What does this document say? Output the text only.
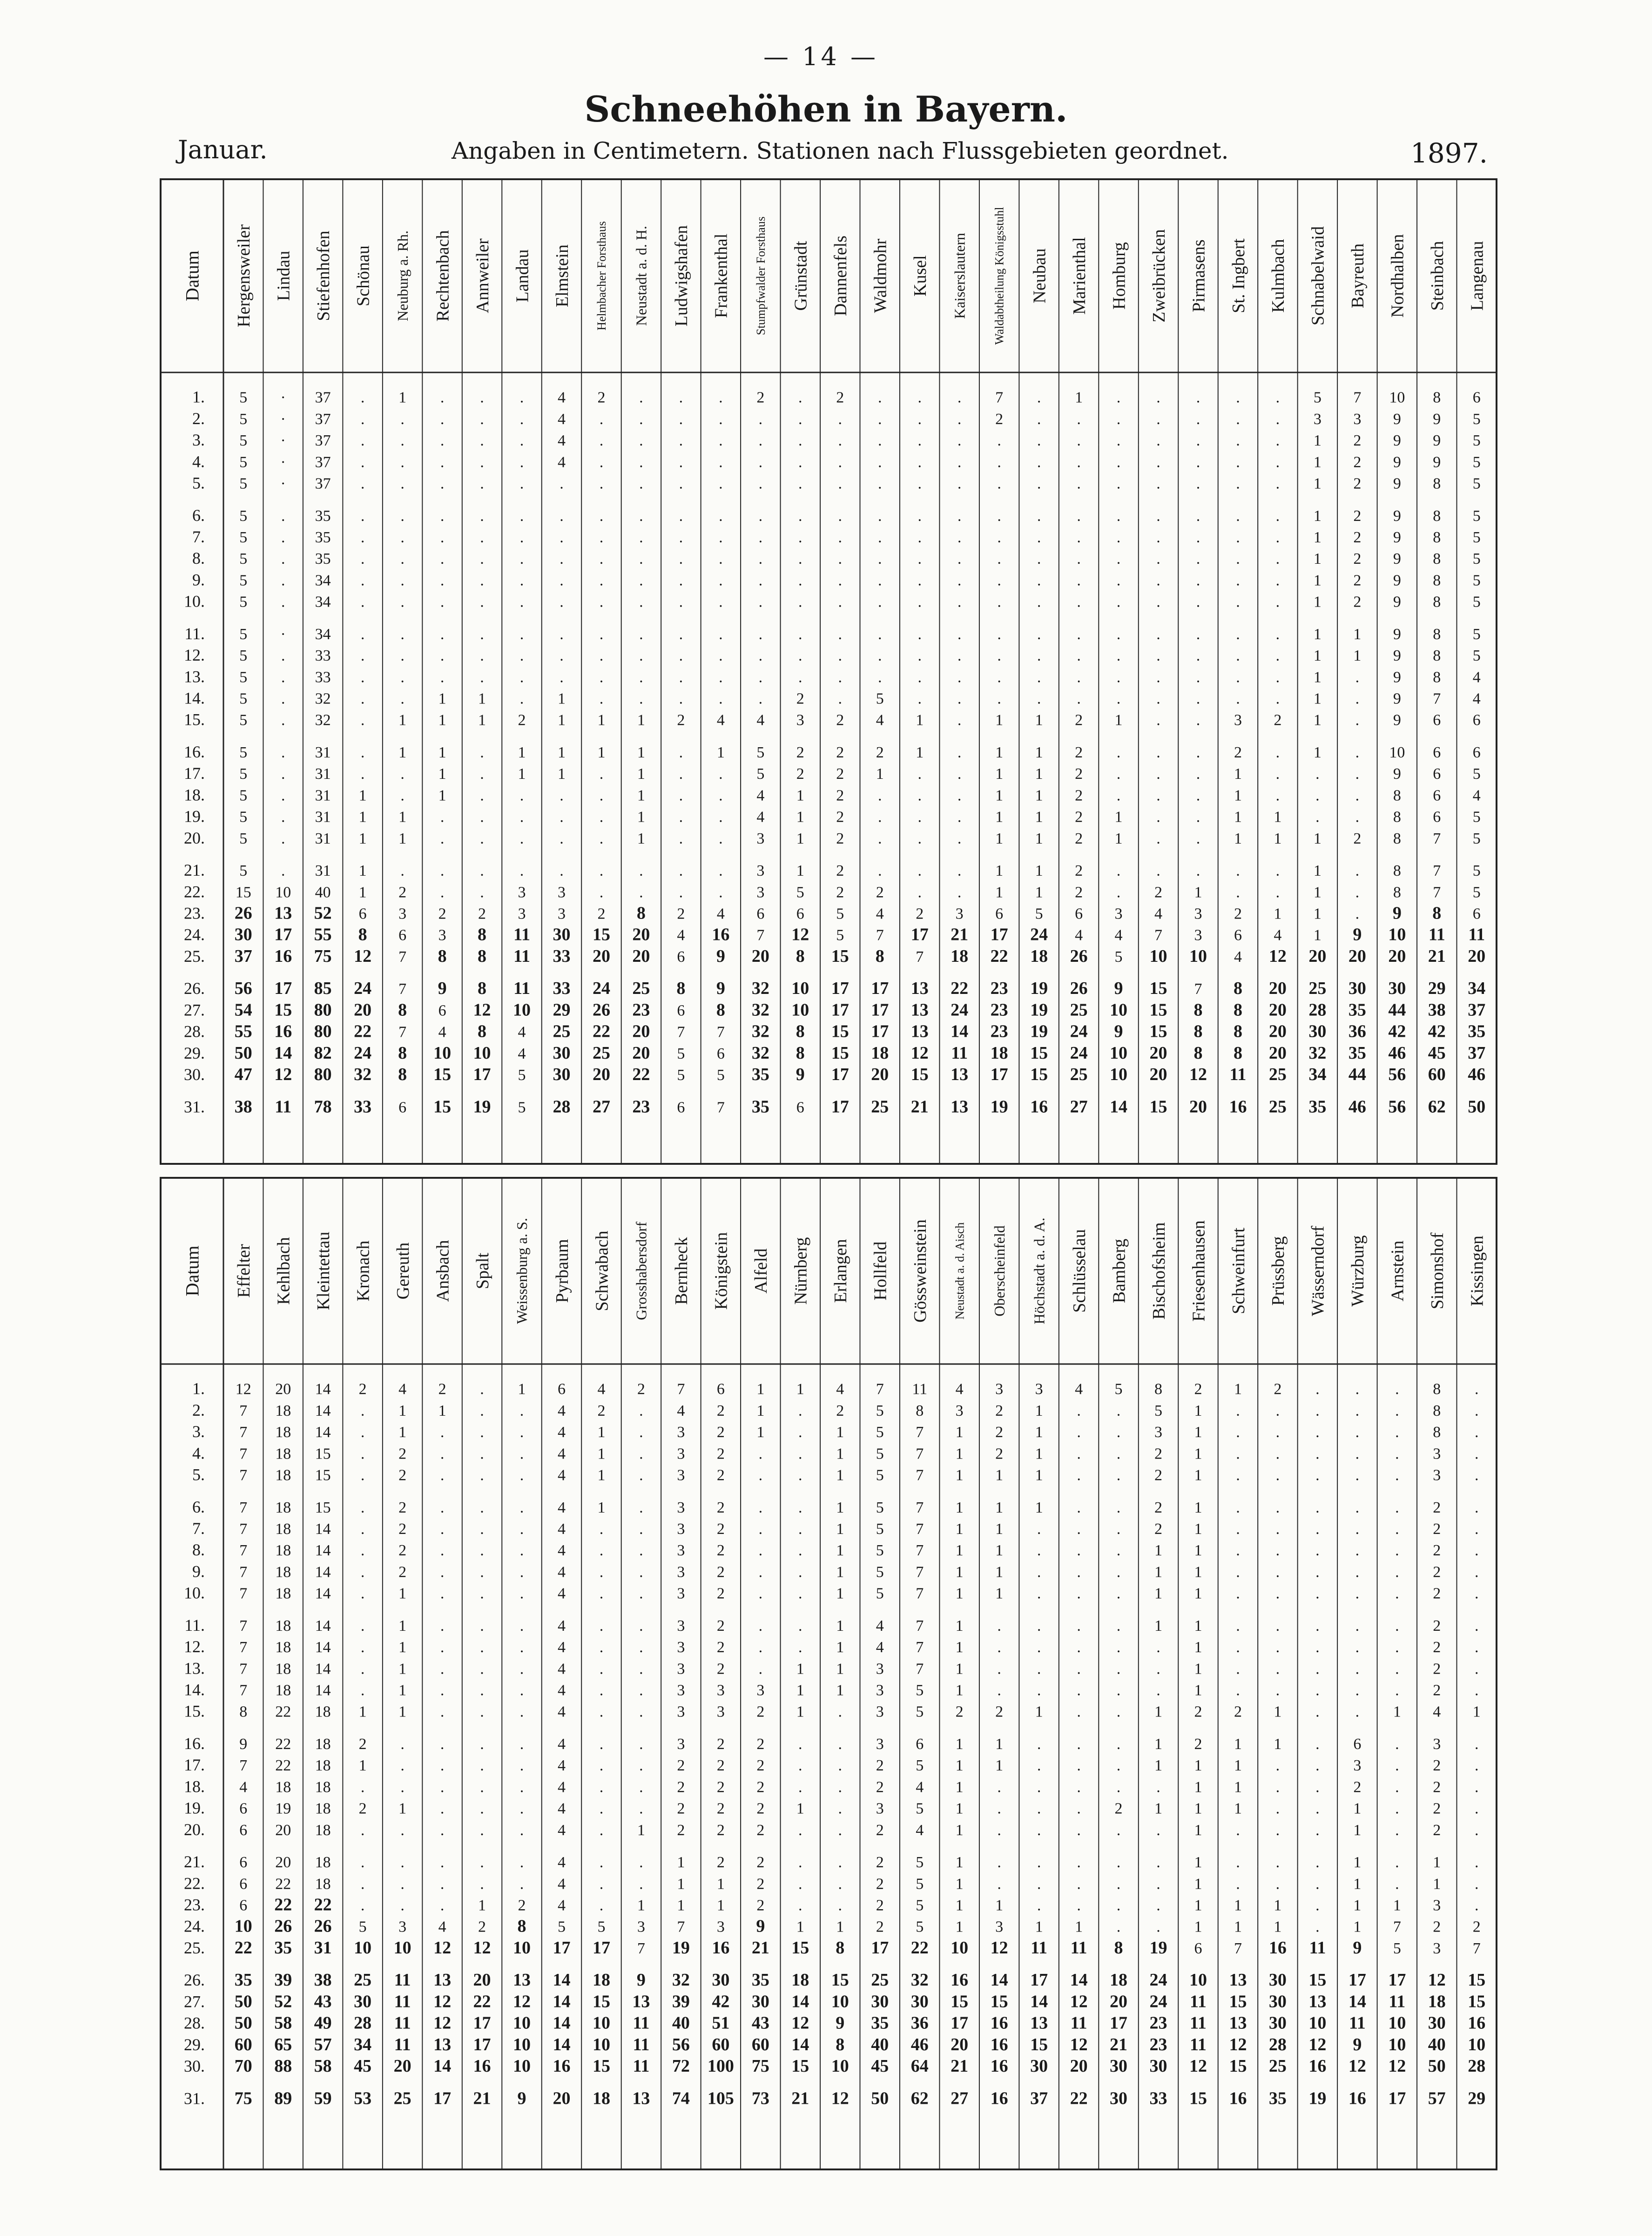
— 14 —
Schneehöhen in Bayern.
Januar.	Angaben in Centimetern. Stationen nach Flussgebieten geordnet.	1897.
Datum Hergensweiler Lindau Stiefenhofen Schönau Neuburg a. Rh. Rechtenbach Annweiler Landau Elmstein Helmbacher Forsthaus Neustadt a. d. H. Ludwigshafen Frankenthal Stumpfwalder Forsthaus Grünstadt Dannenfels Waldmohr Kusel Kaiserslautern Waldabtheilung Königsstuhl Neubau Marienthal Homburg Zweibrücken Pirmasens St. Ingbert Kulmbach Schnabelwaid Bayreuth Nordhalben Steinbach Langenau
1. 5 · 37 . 1 . . . 4 2 . . . 2 . 2 . . . 7 . 1 . . . . . 5 7 10 8 6
2. 5 · 37 . . . . . 4 . . . . . . . . . . 2 . . . . . . . 3 3 9 9 5
3. 5 · 37 . . . . . 4 . . . . . . . . . . . . . . . . . . 1 2 9 9 5
4. 5 · 37 . . . . . 4 . . . . . . . . . . . . . . . . . . 1 2 9 9 5
5. 5 · 37 . . . . . . . . . . . . . . . . . . . . . . . . 1 2 9 8 5
6. 5 . 35 . . . . . . . . . . . . . . . . . . . . . . . . 1 2 9 8 5
7. 5 . 35 . . . . . . . . . . . . . . . . . . . . . . . . 1 2 9 8 5
8. 5 . 35 . . . . . . . . . . . . . . . . . . . . . . . . 1 2 9 8 5
9. 5 . 34 . . . . . . . . . . . . . . . . . . . . . . . . 1 2 9 8 5
10. 5 . 34 . . . . . . . . . . . . . . . . . . . . . . . . 1 2 9 8 5
11. 5 · 34 . . . . . . . . . . . . . . . . . . . . . . . . 1 1 9 8 5
12. 5 . 33 . . . . . . . . . . . . . . . . . . . . . . . . 1 1 9 8 5
13. 5 . 33 . . . . . . . . . . . . . . . . . . . . . . . . 1 . 9 8 4
14. 5 . 32 . . 1 1 . 1 . . . . . 2 . 5 . . . . . . . . . . 1 . 9 7 4
15. 5 . 32 . 1 1 1 2 1 1 1 2 4 4 3 2 4 1 . 1 1 2 1 . . 3 2 1 . 9 6 6
16. 5 . 31 . 1 1 . 1 1 1 1 . 1 5 2 2 2 1 . 1 1 2 . . . 2 . 1 . 10 6 6
17. 5 . 31 . . 1 . 1 1 . 1 . . 5 2 2 1 . . 1 1 2 . . . 1 . . . 9 6 5
18. 5 . 31 1 . 1 . . . . 1 . . 4 1 2 . . . 1 1 2 . . . 1 . . . 8 6 4
19. 5 . 31 1 1 . . . . . 1 . . 4 1 2 . . . 1 1 2 1 . . 1 1 . . 8 6 5
20. 5 . 31 1 1 . . . . . 1 . . 3 1 2 . . . 1 1 2 1 . . 1 1 1 2 8 7 5
21. 5 . 31 1 . . . . . . . . . 3 1 2 . . . 1 1 2 . . . . . 1 . 8 7 5
22. 15 10 40 1 2 . . 3 3 . . . . 3 5 2 2 . . 1 1 2 . 2 1 . . 1 . 8 7 5
23. 26 13 52 6 3 2 2 3 3 2 8 2 4 6 6 5 4 2 3 6 5 6 3 4 3 2 1 1 . 9 8 6
24. 30 17 55 8 6 3 8 11 30 15 20 4 16 7 12 5 7 17 21 17 24 4 4 7 3 6 4 1 9 10 11 11
25. 37 16 75 12 7 8 8 11 33 20 20 6 9 20 8 15 8 7 18 22 18 26 5 10 10 4 12 20 20 20 21 20
26. 56 17 85 24 7 9 8 11 33 24 25 8 9 32 10 17 17 13 22 23 19 26 9 15 7 8 20 25 30 30 29 34
27. 54 15 80 20 8 6 12 10 29 26 23 6 8 32 10 17 17 13 24 23 19 25 10 15 8 8 20 28 35 44 38 37
28. 55 16 80 22 7 4 8 4 25 22 20 7 7 32 8 15 17 13 14 23 19 24 9 15 8 8 20 30 36 42 42 35
29. 50 14 82 24 8 10 10 4 30 25 20 5 6 32 8 15 18 12 11 18 15 24 10 20 8 8 20 32 35 46 45 37
30. 47 12 80 32 8 15 17 5 30 20 22 5 5 35 9 17 20 15 13 17 15 25 10 20 12 11 25 34 44 56 60 46
31. 38 11 78 33 6 15 19 5 28 27 23 6 7 35 6 17 25 21 13 19 16 27 14 15 20 16 25 35 46 56 62 50
Datum Effelter Kehlbach Kleintettau Kronach Gereuth Ansbach Spalt Weissenburg a. S. Pyrbaum Schwabach Grosshabersdorf Bernheck Königstein Alfeld Nürnberg Erlangen Hollfeld Gössweinstein Neustadt a. d. Aisch Oberscheinfeld Höchstadt a. d. A. Schlüsselau Bamberg Bischofsheim Friesenhausen Schweinfurt Prüssberg Wässerndorf Würzburg Arnstein Simonshof Kissingen
1. 12 20 14 2 4 2 . 1 6 4 2 7 6 1 1 4 7 11 4 3 3 4 5 8 2 1 2 . . . 8 .
2. 7 18 14 . 1 1 . . 4 2 . 4 2 1 . 2 5 8 3 2 1 . . 5 1 . . . . . 8 .
3. 7 18 14 . 1 . . . 4 1 . 3 2 1 . 1 5 7 1 2 1 . . 3 1 . . . . . 8 .
4. 7 18 15 . 2 . . . 4 1 . 3 2 . . 1 5 7 1 2 1 . . 2 1 . . . . . 3 .
5. 7 18 15 . 2 . . . 4 1 . 3 2 . . 1 5 7 1 1 1 . . 2 1 . . . . . 3 .
6. 7 18 15 . 2 . . . 4 1 . 3 2 . . 1 5 7 1 1 1 . . 2 1 . . . . . 2 .
7. 7 18 14 . 2 . . . 4 . . 3 2 . . 1 5 7 1 1 . . . 2 1 . . . . . 2 .
8. 7 18 14 . 2 . . . 4 . . 3 2 . . 1 5 7 1 1 . . . 1 1 . . . . . 2 .
9. 7 18 14 . 2 . . . 4 . . 3 2 . . 1 5 7 1 1 . . . 1 1 . . . . . 2 .
10. 7 18 14 . 1 . . . 4 . . 3 2 . . 1 5 7 1 1 . . . 1 1 . . . . . 2 .
11. 7 18 14 . 1 . . . 4 . . 3 2 . . 1 4 7 1 . . . . 1 1 . . . . . 2 .
12. 7 18 14 . 1 . . . 4 . . 3 2 . . 1 4 7 1 . . . . . 1 . . . . . 2 .
13. 7 18 14 . 1 . . . 4 . . 3 2 . 1 1 3 7 1 . . . . . 1 . . . . . 2 .
14. 7 18 14 . 1 . . . 4 . . 3 3 3 1 1 3 5 1 . . . . . 1 . . . . . 2 .
15. 8 22 18 1 1 . . . 4 . . 3 3 2 1 . 3 5 2 2 1 . . 1 2 2 1 . . 1 4 1
16. 9 22 18 2 . . . . 4 . . 3 2 2 . . 3 6 1 1 . . . 1 2 1 1 . 6 . 3 .
17. 7 22 18 1 . . . . 4 . . 2 2 2 . . 2 5 1 1 . . . 1 1 1 . . 3 . 2 .
18. 4 18 18 . . . . . 4 . . 2 2 2 . . 2 4 1 . . . . . 1 1 . . 2 . 2 .
19. 6 19 18 2 1 . . . 4 . . 2 2 2 1 . 3 5 1 . . . 2 1 1 1 . . 1 . 2 .
20. 6 20 18 . . . . . 4 . 1 2 2 2 . . 2 4 1 . . . . . 1 . . . 1 . 2 .
21. 6 20 18 . . . . . 4 . . 1 2 2 . . 2 5 1 . . . . . 1 . . . 1 . 1 .
22. 6 22 18 . . . . . 4 . . 1 1 2 . . 2 5 1 . . . . . 1 . . . 1 . 1 .
23. 6 22 22 . . . 1 2 4 . 1 1 1 2 . . 2 5 1 1 . . . . 1 1 1 . 1 1 3 .
24. 10 26 26 5 3 4 2 8 5 5 3 7 3 9 1 1 2 5 1 3 1 1 . . 1 1 1 . 1 7 2 2
25. 22 35 31 10 10 12 12 10 17 17 7 19 16 21 15 8 17 22 10 12 11 11 8 19 6 7 16 11 9 5 3 7
26. 35 39 38 25 11 13 20 13 14 18 9 32 30 35 18 15 25 32 16 14 17 14 18 24 10 13 30 15 17 17 12 15
27. 50 52 43 30 11 12 22 12 14 15 13 39 42 30 14 10 30 30 15 15 14 12 20 24 11 15 30 13 14 11 18 15
28. 50 58 49 28 11 12 17 10 14 10 11 40 51 43 12 9 35 36 17 16 13 11 17 23 11 13 30 10 11 10 30 16
29. 60 65 57 34 11 13 17 10 14 10 11 56 60 60 14 8 40 46 20 16 15 12 21 23 11 12 28 12 9 10 40 10
30. 70 88 58 45 20 14 16 10 16 15 11 72 100 75 15 10 45 64 21 16 30 20 30 30 12 15 25 16 12 12 50 28
31. 75 89 59 53 25 17 21 9 20 18 13 74 105 73 21 12 50 62 27 16 37 22 30 33 15 16 35 19 16 17 57 29
